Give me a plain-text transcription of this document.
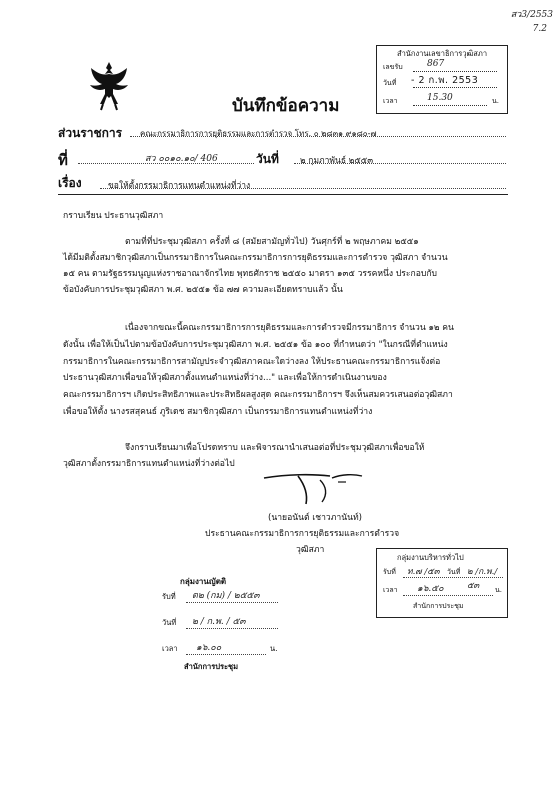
สว3/2553
7.2
สำนักงานเลขาธิการวุฒิสภา
เลขรับ	867
วันที่ - 2 ก.พ. 2553
เวลา	15.30	น.
บันทึกข้อความ
ส่วนราชการ คณะกรรมาธิการการยุติธรรมและการตำรวจ โทร. ๐ ๒๘๓๑ ๙๑๘๐-๗
ที่	สว ๐๐๑๐.๑๐/ 406	วันที่ ๒ กุมภาพันธ์ ๒๕๕๓
เรื่อง	ขอให้ตั้งกรรมาธิการแทนตำแหน่งที่ว่าง
กราบเรียน ประธานวุฒิสภา
ตามที่ที่ประชุมวุฒิสภา ครั้งที่ ๘ (สมัยสามัญทั่วไป) วันศุกร์ที่ ๒ พฤษภาคม ๒๕๕๑
ได้มีมติตั้งสมาชิกวุฒิสภาเป็นกรรมาธิการในคณะกรรมาธิการการยุติธรรมและการตำรวจ วุฒิสภา จำนวน
๑๕ คน ตามรัฐธรรมนูญแห่งราชอาณาจักรไทย พุทธศักราช ๒๕๕๐ มาตรา ๑๓๕ วรรคหนึ่ง ประกอบกับ
ข้อบังคับการประชุมวุฒิสภา พ.ศ. ๒๕๕๑ ข้อ ๗๗ ความละเอียดทราบแล้ว นั้น
เนื่องจากขณะนี้คณะกรรมาธิการการยุติธรรมและการตำรวจมีกรรมาธิการ จำนวน ๑๒ คน
ดังนั้น เพื่อให้เป็นไปตามข้อบังคับการประชุมวุฒิสภา พ.ศ. ๒๕๕๑ ข้อ ๑๐๐ ที่กำหนดว่า "ในกรณีที่ตำแหน่ง
กรรมาธิการในคณะกรรมาธิการสามัญประจำวุฒิสภาคณะใดว่างลง ให้ประธานคณะกรรมาธิการแจ้งต่อ
ประธานวุฒิสภาเพื่อขอให้วุฒิสภาตั้งแทนตำแหน่งที่ว่าง..." และเพื่อให้การดำเนินงานของ
คณะกรรมาธิการฯ เกิดประสิทธิภาพและประสิทธิผลสูงสุด คณะกรรมาธิการฯ จึงเห็นสมควรเสนอต่อวุฒิสภา
เพื่อขอให้ตั้ง นางรสสุคนธ์ ภูริเดช สมาชิกวุฒิสภา เป็นกรรมาธิการแทนตำแหน่งที่ว่าง
จึงกราบเรียนมาเพื่อโปรดทราบ และพิจารณานำเสนอต่อที่ประชุมวุฒิสภาเพื่อขอให้
วุฒิสภาตั้งกรรมาธิการแทนตำแหน่งที่ว่างต่อไป
(นายอนันต์ เชาวภานันท์)
ประธานคณะกรรมาธิการการยุติธรรมและการตำรวจ
วุฒิสภา
กลุ่มงานญัตติ
รับที่ ต๒ (กม) / ๒๕๕๓
วันที่ ๒ / ก.พ. / ๕๓
เวลา ๑๖.๐๐	น.
สำนักการประชุม
กลุ่มงานบริหารทั่วไป
รับที่ ท.๗ /๕๓ วันที่ ๒ /ก.พ./๕๓
เวลา ๑๖.๕๐	น.
สำนักการประชุม
